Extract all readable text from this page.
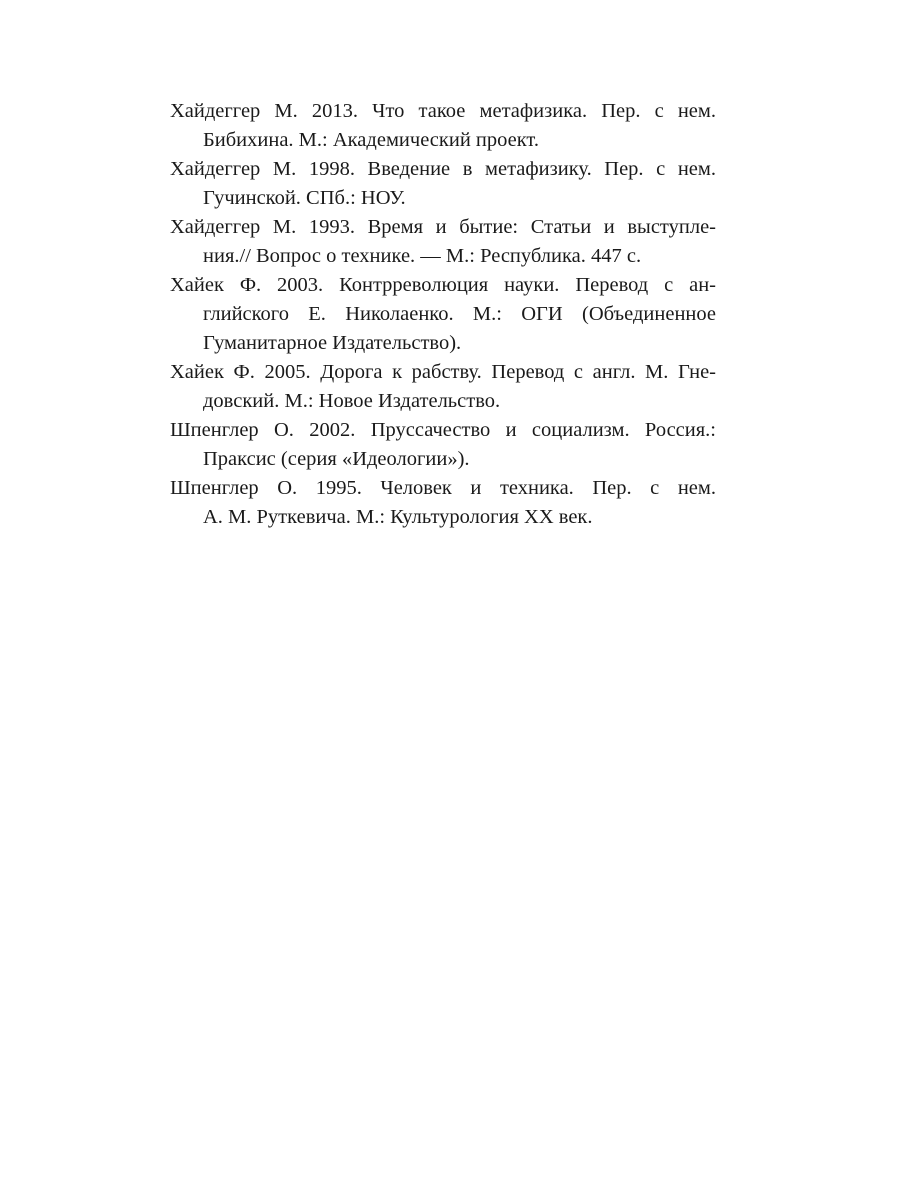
Хайдеггер М. 2013. Что такое метафизика. Пер. с нем.
Бибихина. М.: Академический проект.

Хайдеггер М. 1998. Введение в метафизику. Пер. с нем.
Гучинской. СПб.: НОУ.

Хайдеггер М. 1993. Время и бытие: Статьи и выступле-
ния.// Вопрос о технике. — М.: Республика. 447 с.

Хайек Ф. 2003. Контрреволюция науки. Перевод с ан-
глийского Е. Николаенко. М.: ОГИ (Объединенное
Гуманитарное Издательство).

Хайек Ф. 2005. Дорога к рабству. Перевод с англ. М. Гне-
довский. М.: Новое Издательство.

Шпенглер О. 2002. Пруссачество и социализм. Россия.:
Праксис (серия «Идеологии»).

Шпенглер О. 1995. Человек и техника. Пер. с нем.
А. М. Руткевича. М.: Культурология XX век.
